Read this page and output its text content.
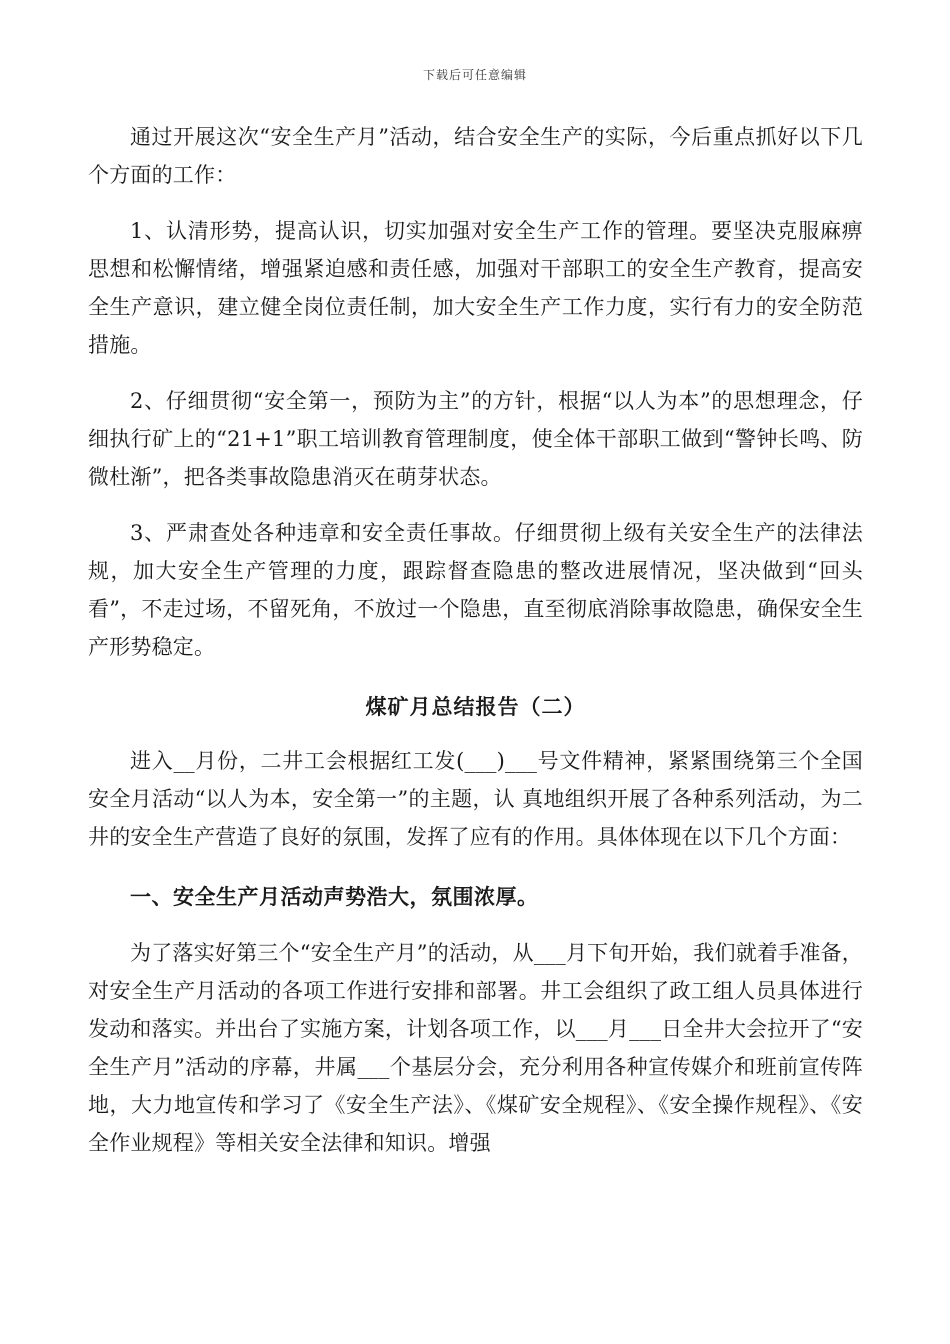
下载后可任意编辑

通过开展这次“安全生产月”活动，结合安全生产的实际，今后重点抓好以下几个方面的工作：

1、认清形势，提高认识，切实加强对安全生产工作的管理。要坚决克服麻痹思想和松懈情绪，增强紧迫感和责任感，加强对干部职工的安全生产教育，提高安全生产意识，建立健全岗位责任制，加大安全生产工作力度，实行有力的安全防范措施。

2、仔细贯彻“安全第一，预防为主”的方针，根据“以人为本”的思想理念，仔细执行矿上的“21+1”职工培训教育管理制度，使全体干部职工做到“警钟长鸣、防微杜渐”，把各类事故隐患消灭在萌芽状态。

3、严肃查处各种违章和安全责任事故。仔细贯彻上级有关安全生产的法律法规，加大安全生产管理的力度，跟踪督查隐患的整改进展情况，坚决做到“回头看”，不走过场，不留死角，不放过一个隐患，直至彻底消除事故隐患，确保安全生产形势稳定。

煤矿月总结报告（二）

进入__月份，二井工会根据红工发(___)___号文件精神，紧紧围绕第三个全国安全月活动“以人为本，安全第一”的主题，认 真地组织开展了各种系列活动，为二井的安全生产营造了良好的氛围，发挥了应有的作用。具体体现在以下几个方面：

一、安全生产月活动声势浩大，氛围浓厚。

为了落实好第三个“安全生产月”的活动，从___月下旬开始，我们就着手准备，对安全生产月活动的各项工作进行安排和部署。井工会组织了政工组人员具体进行发动和落实。并出台了实施方案，计划各项工作，以___月___日全井大会拉开了“安全生产月”活动的序幕，井属___个基层分会，充分利用各种宣传媒介和班前宣传阵地，大力地宣传和学习了《安全生产法》、《煤矿安全规程》、《安全操作规程》、《安全作业规程》等相关安全法律和知识。增强
